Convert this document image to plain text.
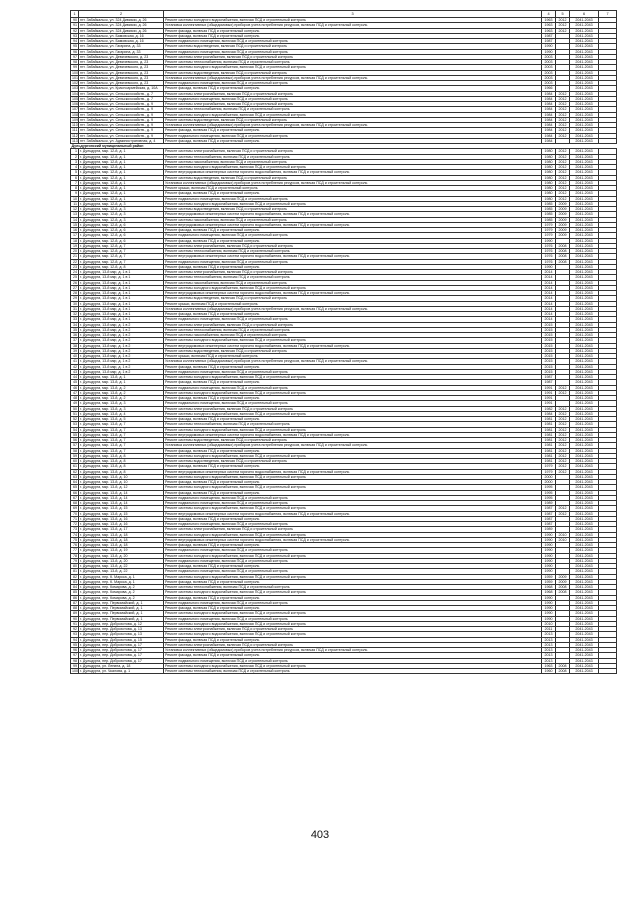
1	2	3	4	5	6	7
90	пгт. Забайкальск, ул. 324 Дивизии, д. 26	Ремонт системы холодного водоснабжения, включая ПСД и строительный контроль	1963	2012	2041-2043	
91	пгт. Забайкальск, ул. 324 Дивизии, д. 26	Установка коллективных (общедомовых) приборов учета потребления ресурсов, включая ПСД и строительный контроль	1963	2012	2041-2043	
92	пгт. Забайкальск, ул. 324 Дивизии, д. 26	Ремонт фасада, включая ПСД и строительный контроль	1963	2012	2041-2043	
93	пгт. Забайкальск, ул. Бамовская, д. 16	Ремонт фасада, включая ПСД и строительный контроль	1987		2041-2043	
94	пгт. Забайкальск, ул. Бамовская, д. 16	Ремонт подвального помещения, включая ПСД и строительный контроль	1987		2041-2043	
95	пгт. Забайкальск, ул. Гагарина, д. 33	Ремонт системы водоотведения, включая ПСД и строительный контроль	1990		2041-2043	
96	пгт. Забайкальск, ул. Гагарина, д. 33	Ремонт подвального помещения, включая ПСД и строительный контроль	1990		2041-2043	
97	пгт. Забайкальск, ул. Девичевского, д. 23	Ремонт системы электроснабжения, включая ПСД и строительный контроль	2003		2041-2043	
98	пгт. Забайкальск, ул. Девичевского, д. 23	Ремонт системы теплоснабжения, включая ПСД и строительный контроль	2003		2041-2043	
99	пгт. Забайкальск, ул. Девичевского, д. 23	Ремонт системы холодного водоснабжения, включая ПСД и строительный контроль	2003		2041-2043	
100	пгт. Забайкальск, ул. Девичевского, д. 23	Ремонт системы водоотведения, включая ПСД и строительный контроль	2003		2041-2043	
101	пгт. Забайкальск, ул. Девичевского, д. 23	Установка коллективных (общедомовых) приборов учета потребления ресурсов, включая ПСД и строительный контроль	2003		2041-2043	
102	пгт. Забайкальск, ул. Девичевского, д. 23	Ремонт подвального помещения, включая ПСД и строительный контроль	2003		2041-2043	
103	пгт. Забайкальск, ул. Красноармейская, д. 10А	Ремонт фасада, включая ПСД и строительный контроль	1966		2041-2043	
104	пгт. Забайкальск, ул. Сельскохозяйств., д. 7	Ремонт системы электроснабжения, включая ПСД и строительный контроль	1984	2012	2041-2043	
105	пгт. Забайкальск, ул. Сельскохозяйств., д. 7	Ремонт подвального помещения, включая ПСД и строительный контроль	1984	2012	2041-2043	
106	пгт. Забайкальск, ул. Сельскохозяйств., д. 9	Ремонт системы электроснабжения, включая ПСД и строительный контроль	1984	2012	2041-2043	
107	пгт. Забайкальск, ул. Сельскохозяйств., д. 9	Ремонт системы теплоснабжения, включая ПСД и строительный контроль	1984	2012	2041-2043	
108	пгт. Забайкальск, ул. Сельскохозяйств., д. 9	Ремонт системы холодного водоснабжения, включая ПСД и строительный контроль	1984	2012	2041-2043	
109	пгт. Забайкальск, ул. Сельскохозяйств., д. 9	Ремонт системы водоотведения, включая ПСД и строительный контроль	1984	2012	2041-2043	
110	пгт. Забайкальск, ул. Сельскохозяйств., д. 9	Установка коллективных (общедомовых) приборов учета потребления ресурсов, включая ПСД и строительный контроль	1984	2012	2041-2043	
111	пгт. Забайкальск, ул. Сельскохозяйств., д. 9	Ремонт фасада, включая ПСД и строительный контроль	1984	2012	2041-2043	
112	пгт. Забайкальск, ул. Сельскохозяйств., д. 9	Ремонт подвального помещения, включая ПСД и строительный контроль	1984	2012	2041-2043	
113	пгт. Забайкальск, ул. Административная, д. 4	Ремонт фасада, включая ПСД и строительный контроль	1984		2041-2043	
Дульдургинский муниципальный район						
1	г. Дульдурга, мкр. 12-й, д. 1	Ремонт системы электроснабжения, включая ПСД и строительный контроль	1980	2012	2041-2043	
2	г. Дульдурга, мкр. 12-й, д. 1	Ремонт системы теплоснабжения, включая ПСД и строительный контроль	1980	2012	2041-2043	
3	г. Дульдурга, мкр. 12-й, д. 1	Ремонт системы газоснабжения, включая ПСД и строительный контроль	1980	2012	2041-2043	
4	г. Дульдурга, мкр. 12-й, д. 1	Ремонт системы холодного водоснабжения, включая ПСД и строительный контроль	1980	2012	2041-2043	
5	г. Дульдурга, мкр. 12-й, д. 1	Ремонт внутридомовых инженерных систем горячего водоснабжения, включая ПСД и строительный контроль	1980	2012	2041-2043	
6	г. Дульдурга, мкр. 12-й, д. 1	Ремонт системы водоотведения, включая ПСД и строительный контроль	1980	2012	2041-2043	
7	г. Дульдурга, мкр. 12-й, д. 1	Установка коллективных (общедомовых) приборов учета потребления ресурсов, включая ПСД и строительный контроль	1980	2012	2041-2043	
8	г. Дульдурга, мкр. 12-й, д. 1	Ремонт крыши, включая ПСД и строительный контроль	1980	2012	2041-2043	
9	г. Дульдурга, мкр. 12-й, д. 1	Ремонт фасада, включая ПСД и строительный контроль	1980	2012	2041-2043	
10	г. Дульдурга, мкр. 12-й, д. 1	Ремонт подвального помещения, включая ПСД и строительный контроль	1980	2012	2041-2043	
11	г. Дульдурга, мкр. 12-й, д. 3	Ремонт системы холодного водоснабжения, включая ПСД и строительный контроль	1985	2009	2041-2043	
12	г. Дульдурга, мкр. 12-й, д. 3	Ремонт системы водоотведения, включая ПСД и строительный контроль	1985	2009	2041-2043	
13	г. Дульдурга, мкр. 12-й, д. 3	Ремонт внутридомовых инженерных систем горячего водоснабжения, включая ПСД и строительный контроль	1985	2009	2041-2043	
14	г. Дульдурга, мкр. 12-й, д. 3	Ремонт системы газоснабжения, включая ПСД и строительный контроль	1985	2009	2041-2043	
15	г. Дульдурга, мкр. 12-й, д. 6	Ремонт внутридомовых инженерных систем горячего водоснабжения, включая ПСД и строительный контроль	1979	2009	2041-2043	
16	г. Дульдурга, мкр. 12-й, д. 6	Ремонт фасада, включая ПСД и строительный контроль	1979	2009	2041-2043	
17	г. Дульдурга, мкр. 12-й, д. 6	Ремонт подвального помещения, включая ПСД и строительный контроль	1979	2009	2041-2043	
18	г. Дульдурга, мкр. 12-й, д. 6	Ремонт фасада, включая ПСД и строительный контроль	1990		2041-2043	
19	г. Дульдурга, мкр. 12-й, д. 7	Ремонт системы электроснабжения, включая ПСД и строительный контроль	1976	2008	2041-2043	
20	г. Дульдурга, мкр. 12-й, д. 7	Ремонт системы теплоснабжения, включая ПСД и строительный контроль	1976	2008	2041-2043	
21	г. Дульдурга, мкр. 12-й, д. 7	Ремонт внутридомовых инженерных систем горячего водоснабжения, включая ПСД и строительный контроль	1976	2008	2041-2043	
22	г. Дульдурга, мкр. 12-й, д. 7	Ремонт подвального помещения, включая ПСД и строительный контроль	1976	2008	2041-2043	
23	г. Дульдурга, мкр. 12-й, д. 8	Ремонт фасада, включая ПСД и строительный контроль	1990		2041-2043	
24	г. Дульдурга, 13-й мкр, д. 1 в 1	Ремонт системы электроснабжения, включая ПСД и строительный контроль	2014		2041-2043	
25	г. Дульдурга, 13-й мкр, д. 1 в 1	Ремонт системы теплоснабжения, включая ПСД и строительный контроль	2014		2041-2043	
26	г. Дульдурга, 13-й мкр, д. 1 в 1	Ремонт системы газоснабжения, включая ПСД и строительный контроль	2014		2041-2043	
27	г. Дульдурга, 13-й мкр, д. 1 в 1	Ремонт системы холодного водоснабжения, включая ПСД и строительный контроль	2014		2041-2043	
28	г. Дульдурга, 13-й мкр, д. 1 в 1	Ремонт внутридомовых инженерных систем горячего водоснабжения, включая ПСД и строительный контроль	2014		2041-2043	
29	г. Дульдурга, 13-й мкр, д. 1 в 1	Ремонт системы водоотведения, включая ПСД и строительный контроль	2014		2041-2043	
30	г. Дульдурга, 13-й мкр, д. 1 в 1	Ремонт крыши, включая ПСД и строительный контроль	2014		2041-2043	
31	г. Дульдурга, 13-й мкр, д. 1 в 1	Установка коллективных (общедомовых) приборов учета потребления ресурсов, включая ПСД и строительный контроль	2014		2041-2043	
32	г. Дульдурга, 13-й мкр, д. 1 в 1	Ремонт фасада, включая ПСД и строительный контроль	2014		2041-2043	
33	г. Дульдурга, 13-й мкр, д. 1 в 1	Ремонт подвального помещения, включая ПСД и строительный контроль	2014		2041-2043	
34	г. Дульдурга, 13-й мкр, д. 1 в 2	Ремонт системы электроснабжения, включая ПСД и строительный контроль	2015		2041-2043	
35	г. Дульдурга, 13-й мкр, д. 1 в 2	Ремонт системы теплоснабжения, включая ПСД и строительный контроль	2015		2041-2043	
36	г. Дульдурга, 13-й мкр, д. 1 в 2	Ремонт системы газоснабжения, включая ПСД и строительный контроль	2015		2041-2043	
37	г. Дульдурга, 13-й мкр, д. 1 в 2	Ремонт системы холодного водоснабжения, включая ПСД и строительный контроль	2015		2041-2043	
38	г. Дульдурга, 13-й мкр, д. 1 в 2	Ремонт внутридомовых инженерных систем горячего водоснабжения, включая ПСД и строительный контроль	2015		2041-2043	
39	г. Дульдурга, 13-й мкр, д. 1 в 2	Ремонт системы водоотведения, включая ПСД и строительный контроль	2015		2041-2043	
40	г. Дульдурга, 13-й мкр, д. 1 в 2	Ремонт крыши, включая ПСД и строительный контроль	2015		2041-2043	
41	г. Дульдурга, 13-й мкр, д. 1 в 2	Установка коллективных (общедомовых) приборов учета потребления ресурсов, включая ПСД и строительный контроль	2015		2041-2043	
42	г. Дульдурга, 13-й мкр, д. 1 в 2	Ремонт фасада, включая ПСД и строительный контроль	2015		2041-2043	
43	г. Дульдурга, 13-й мкр, д. 1 в 2	Ремонт подвального помещения, включая ПСД и строительный контроль	2015		2041-2043	
44	г. Дульдурга, мкр. 13-й, д. 1	Ремонт системы холодного водоснабжения, включая ПСД и строительный контроль	1987		2041-2043	
45	г. Дульдурга, мкр. 13-й, д. 1	Ремонт фасада, включая ПСД и строительный контроль	1987		2041-2043	
46	г. Дульдурга, мкр. 13-й, д. 2	Ремонт подвального помещения, включая ПСД и строительный контроль	1991	2012	2041-2043	
47	г. Дульдурга, мкр. 13-й, д. 2	Ремонт системы холодного водоснабжения, включая ПСД и строительный контроль	1991	2012	2041-2043	
48	г. Дульдурга, мкр. 13-й, д. 2	Ремонт фасада, включая ПСД и строительный контроль	1991		2041-2043	
49	г. Дульдурга, мкр. 13-й, д. 3	Ремонт подвального помещения, включая ПСД и строительный контроль	1991		2041-2043	
50	г. Дульдурга, мкр. 13-й, д. 3	Ремонт системы электроснабжения, включая ПСД и строительный контроль	1982	2012	2041-2043	
51	г. Дульдурга, мкр. 13-й, д. 4	Ремонт системы холодного водоснабжения, включая ПСД и строительный контроль	1984	2012	2041-2043	
52	г. Дульдурга, мкр. 13-й, д. 5	Ремонт фасада, включая ПСД и строительный контроль	1981	2012	2041-2043	
53	г. Дульдурга, мкр. 13-й, д. 7	Ремонт системы теплоснабжения, включая ПСД и строительный контроль	1981	2012	2041-2043	
54	г. Дульдурга, мкр. 13-й, д. 7	Ремонт системы холодного водоснабжения, включая ПСД и строительный контроль	1981	2012	2041-2043	
55	г. Дульдурга, мкр. 13-й, д. 7	Ремонт внутридомовых инженерных систем горячего водоснабжения, включая ПСД и строительный контроль	1981	2012	2041-2043	
56	г. Дульдурга, мкр. 13-й, д. 7	Ремонт системы водоотведения, включая ПСД и строительный контроль	1981	2012	2041-2043	
57	г. Дульдурга, мкр. 13-й, д. 7	Установка коллективных (общедомовых) приборов учета потребления ресурсов, включая ПСД и строительный контроль	1981	2012	2041-2043	
58	г. Дульдурга, мкр. 13-й, д. 7	Ремонт фасада, включая ПСД и строительный контроль	1981	2012	2041-2043	
59	г. Дульдурга, мкр. 13-й, д. 8	Ремонт системы холодного водоснабжения, включая ПСД и строительный контроль	1981	2012	2041-2043	
60	г. Дульдурга, мкр. 13-й, д. 8	Ремонт системы водоотведения, включая ПСД и строительный контроль	1981	2012	2041-2043	
61	г. Дульдурга, мкр. 13-й, д. 8	Ремонт фасада, включая ПСД и строительный контроль	1979	2012	2041-2043	
62	г. Дульдурга, мкр. 13-й, д. 8	Ремонт внутридомовых инженерных систем горячего водоснабжения, включая ПСД и строительный контроль	1979	2012	2041-2043	
63	г. Дульдурга, мкр. 13-й, д. 10	Ремонт системы холодного водоснабжения, включая ПСД и строительный контроль	2000		2041-2043	
64	г. Дульдурга, мкр. 13-й, д. 10	Ремонт фасада, включая ПСД и строительный контроль	2000		2041-2043	
65	г. Дульдурга, мкр. 13-й, д. 12	Ремонт системы холодного водоснабжения, включая ПСД и строительный контроль	1995		2041-2043	
66	г. Дульдурга, мкр. 13-й, д. 14	Ремонт фасада, включая ПСД и строительный контроль	1995		2041-2043	
67	г. Дульдурга, мкр. 13-й, д. 14	Ремонт подвального помещения, включая ПСД и строительный контроль	1995		2041-2043	
68	г. Дульдурга, мкр. 13-й, д. 14	Ремонт подвального помещения, включая ПСД и строительный контроль	1989		2041-2043	
69	г. Дульдурга, мкр. 13-й, д. 15	Ремонт системы холодного водоснабжения, включая ПСД и строительный контроль	1987	2012	2041-2043	
70	г. Дульдурга, мкр. 13-й, д. 15	Ремонт внутридомовых инженерных систем горячего водоснабжения, включая ПСД и строительный контроль	1987	2012	2041-2043	
71	г. Дульдурга, мкр. 13-й, д. 16	Ремонт фасада, включая ПСД и строительный контроль	1987		2041-2043	
72	г. Дульдурга, мкр. 13-й, д. 16	Ремонт подвального помещения, включая ПСД и строительный контроль	1987		2041-2043	
73	г. Дульдурга, мкр. 13-й, д. 17	Ремонт системы электроснабжения, включая ПСД и строительный контроль	1989		2041-2043	
74	г. Дульдурга, мкр. 13-й, д. 18	Ремонт системы холодного водоснабжения, включая ПСД и строительный контроль	1990	2010	2041-2043	
75	г. Дульдурга, мкр. 13-й, д. 18	Ремонт внутридомовых инженерных систем горячего водоснабжения, включая ПСД и строительный контроль	1990	2010	2041-2043	
76	г. Дульдурга, мкр. 13-й, д. 18	Ремонт фасада, включая ПСД и строительный контроль	1990		2041-2043	
77	г. Дульдурга, мкр. 13-й, д. 19	Ремонт подвального помещения, включая ПСД и строительный контроль	1990		2041-2043	
78	г. Дульдурга, мкр. 13-й, д. 20	Ремонт системы холодного водоснабжения, включая ПСД и строительный контроль	1990		2041-2043	
79	г. Дульдурга, мкр. 13-й, д. 20	Ремонт подвального помещения, включая ПСД и строительный контроль	1990		2041-2043	
80	г. Дульдурга, мкр. 13-й, д. 22	Ремонт фасада, включая ПСД и строительный контроль	1990		2041-2043	
81	г. Дульдурга, мкр. 13-й, д. 22	Ремонт подвального помещения, включая ПСД и строительный контроль	1990		2041-2043	
82	г. Дульдурга, пер. К. Маркса, д. 1	Ремонт системы холодного водоснабжения, включая ПСД и строительный контроль	1959	2009	2041-2043	
83	г. Дульдурга, пер. К. Маркса, д. 1	Ремонт фасада, включая ПСД и строительный контроль	1959	2009	2041-2043	
84	г. Дульдурга, пер. Комарова, д. 2	Ремонт системы теплоснабжения, включая ПСД и строительный контроль	1968	2008	2041-2043	
85	г. Дульдурга, пер. Комарова, д. 2	Ремонт системы холодного водоснабжения, включая ПСД и строительный контроль	1968	2008	2041-2043	
86	г. Дульдурга, пер. Комарова, д. 2	Ремонт фасада, включая ПСД и строительный контроль	1990		2041-2043	
87	г. Дульдурга, пер. Первомайский, д. 1	Ремонт подвального помещения, включая ПСД и строительный контроль	1990		2041-2043	
88	г. Дульдурга, пер. Первомайский, д. 1	Ремонт фасада, включая ПСД и строительный контроль	1990		2041-2043	
89	г. Дульдурга, пер. Первомайский, д. 1	Ремонт системы холодного водоснабжения, включая ПСД и строительный контроль	1990		2041-2043	
90	г. Дульдурга, пер. Первомайский, д. 1	Ремонт подвального помещения, включая ПСД и строительный контроль	1990		2041-2043	
91	г. Дульдурга, пер. Доброхотова, д. 12	Ремонт системы холодного водоснабжения, включая ПСД и строительный контроль	2010		2041-2043	
92	г. Дульдурга, пер. Доброхотова, д. 13	Ремонт системы электроснабжения, включая ПСД и строительный контроль	2011		2041-2043	
93	г. Дульдурга, пер. Доброхотова, д. 13	Ремонт системы холодного водоснабжения, включая ПСД и строительный контроль	2013		2041-2043	
94	г. Дульдурга, пер. Доброхотова, д. 15	Ремонт фасада, включая ПСД и строительный контроль	2013		2041-2043	
95	г. Дульдурга, пер. Доброхотова, д. 17	Ремонт системы электроснабжения, включая ПСД и строительный контроль	2013		2041-2043	
96	г. Дульдурга, пер. Доброхотова, д. 17	Установка коллективных (общедомовых) приборов учета потребления ресурсов, включая ПСД и строительный контроль	2013		2041-2043	
97	г. Дульдурга, пер. Доброхотова, д. 17	Ремонт фасада, включая ПСД и строительный контроль	2013		2041-2043	
98	г. Дульдурга, пер. Доброхотова, д. 17	Ремонт подвального помещения, включая ПСД и строительный контроль	2013		2041-2043	
99	г. Дульдурга, ул. Ленина, д. 18	Ремонт системы холодного водоснабжения, включая ПСД и строительный контроль	1963	2008	2041-2043	
100	г. Дульдурга, ул. Чкалова, д. 1	Ремонт системы теплоснабжения, включая ПСД и строительный контроль	1960	2008	2041-2043	
403
